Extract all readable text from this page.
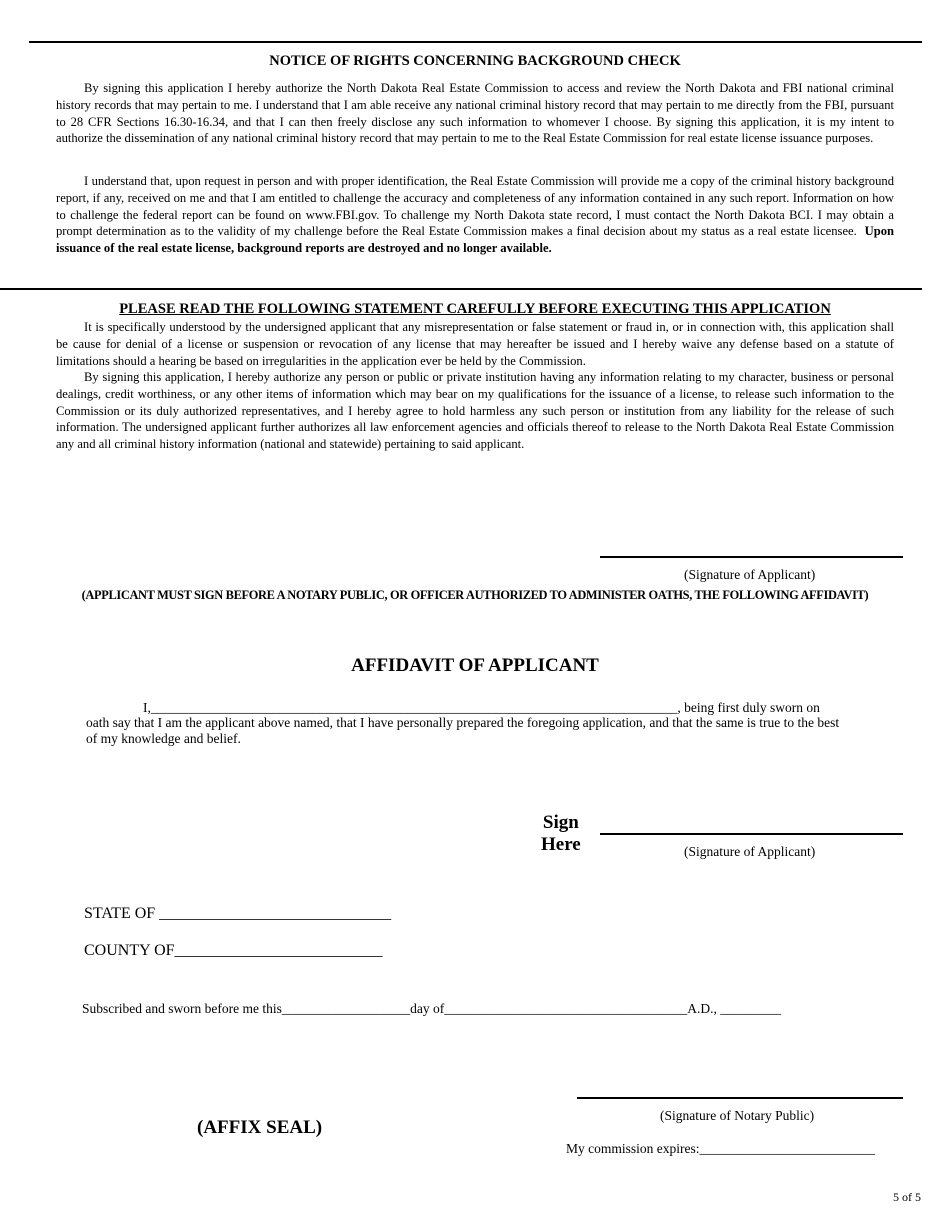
NOTICE OF RIGHTS CONCERNING BACKGROUND CHECK

By signing this application I hereby authorize the North Dakota Real Estate Commission to access and review the North Dakota and FBI national criminal history records that may pertain to me. I understand that I am able receive any national criminal history record that may pertain to me directly from the FBI, pursuant to 28 CFR Sections 16.30-16.34, and that I can then freely disclose any such information to whomever I choose. By signing this application, it is my intent to authorize the dissemination of any national criminal history record that may pertain to me to the Real Estate Commission for real estate license issuance purposes.

I understand that, upon request in person and with proper identification, the Real Estate Commission will provide me a copy of the criminal history background report, if any, received on me and that I am entitled to challenge the accuracy and completeness of any information contained in any such report. Information on how to challenge the federal report can be found on www.FBI.gov. To challenge my North Dakota state record, I must contact the North Dakota BCI. I may obtain a prompt determination as to the validity of my challenge before the Real Estate Commission makes a final decision about my status as a real estate licensee. Upon issuance of the real estate license, background reports are destroyed and no longer available.

PLEASE READ THE FOLLOWING STATEMENT CAREFULLY BEFORE EXECUTING THIS APPLICATION

It is specifically understood by the undersigned applicant that any misrepresentation or false statement or fraud in, or in connection with, this application shall be cause for denial of a license or suspension or revocation of any license that may hereafter be issued and I hereby waive any defense based on a statute of limitations should a hearing be based on irregularities in the application ever be held by the Commission.

By signing this application, I hereby authorize any person or public or private institution having any information relating to my character, business or personal dealings, credit worthiness, or any other items of information which may bear on my qualifications for the issuance of a license, to release such information to the Commission or its duly authorized representatives, and I hereby agree to hold harmless any such person or institution from any liability for the release of such information. The undersigned applicant further authorizes all law enforcement agencies and officials thereof to release to the North Dakota Real Estate Commission any and all criminal history information (national and statewide) pertaining to said applicant.

(Signature of Applicant)
(APPLICANT MUST SIGN BEFORE A NOTARY PUBLIC, OR OFFICER AUTHORIZED TO ADMINISTER OATHS, THE FOLLOWING AFFIDAVIT)
AFFIDAVIT OF APPLICANT
I,______________________________________________________________________________, being first duly sworn on
oath say that I am the applicant above named, that I have personally prepared the foregoing application, and that the same is true to the best of my knowledge and belief.
Sign
Here	(Signature of Applicant)
STATE OF _____________________________
COUNTY OF__________________________
Subscribed and sworn before me this___________________day of____________________________________A.D., _________
(Signature of Notary Public)
(AFFIX SEAL)
My commission expires:__________________________
5 of 5
